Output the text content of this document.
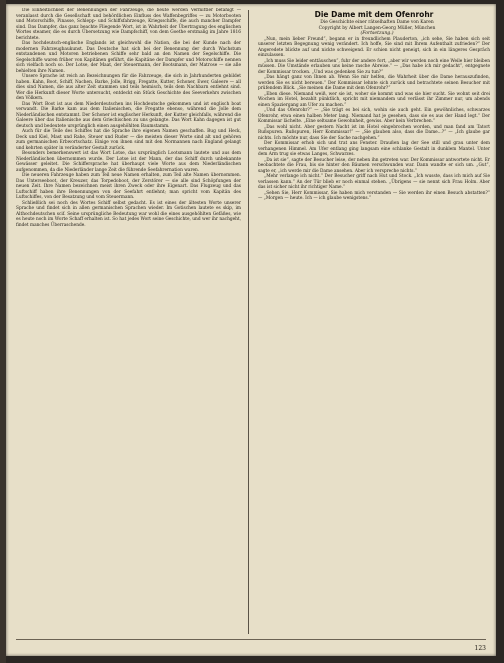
Die Einheitlichkeit der Benennungen der Fahrzeuge, die heute werden Vermittler befähigt — veranlasst durch die Gesellschaft und behördlichen Einfluss des Waffenbegriffes — zu Motorbooten und Motorschiffe, Pinasse, Schlepp- und Schiffsfahrzeuge, Kriegsschiffe, die auch mancher Dampfer sind. Das Dampfer, das ganz beachte Fliegende Wort, ist in Wahrheit der Übertragung des englischen Wortes steamer, die es durch Übersetzung wie Dampfschiff, von dem Goethe erstmalig im Jahre 1816 berichtete.

Das hochdeutsch-englische Englands ist gleichwohl die Nation, die bei der Kunde nach der modernen Fahrzeugbaukunst. Das Deutsche hat sich bei der Benennung der durch Wachstum entstandenen und Motoren betriebenen Schiffe sehr bald an den Namen der Segelschiffe. Die Segelschiffe waren früher von Kapitänen geführt, die Kapitäne der Dampfer und Motorschiffe nennen sich vielfach noch so. Der Lotse, der Maat, der Steuermann, der Bootsmann, der Matrose — sie alle behielten ihre Namen.

Unsere Sprache ist reich an Bezeichnungen für die Fahrzeuge, die sich in Jahrhunderten gebildet haben. Kahn, Boot, Schiff, Nachen, Barke, Jolle, Brigg, Fregatte, Kutter, Schoner, Ewer, Galeere — all dies sind Namen, die aus alter Zeit stammen und teils heimisch, teils dem Nachbarn entlehnt sind. Wer die Herkunft dieser Worte untersucht, entdeckt ein Stück Geschichte des Seeverkehrs zwischen den Völkern.

Das Wort Boot ist aus dem Niederdeutschen ins Hochdeutsche gekommen und ist englisch boat verwandt. Die Barke kam aus dem Italienischen, die Fregatte ebenso, während die Jolle dem Niederländischen entstammt. Der Schoner ist englischer Herkunft, der Kutter gleichfalls, während die Galeere über das Italienische aus dem Griechischen zu uns gelangte. Das Wort Kahn dagegen ist gut deutsch und bedeutete ursprünglich einen ausgehöhlten Baumstamm.

Auch für die Teile des Schiffes hat die Sprache ihre eigenen Namen geschaffen. Bug und Heck, Deck und Kiel, Mast und Rahe, Steuer und Ruder — die meisten dieser Worte sind alt und gehören zum germanischen Erbwortschatz. Einige von ihnen sind mit den Normannen nach England gelangt und kehrten später in veränderter Gestalt zurück.

Besonders bemerkenswert ist das Wort Lotse, das ursprünglich Lootsmann lautete und aus dem Niederländischen übernommen wurde. Der Lotse ist der Mann, der das Schiff durch unbekannte Gewässer geleitet. Die Schiffersprache hat überhaupt viele Worte aus dem Niederländischen aufgenommen, da die Niederländer lange Zeit die führende Seefahrernation waren.

Die neueren Fahrzeuge haben zum Teil neue Namen erhalten, zum Teil alte Namen übernommen. Das Unterseeboot, der Kreuzer, das Torpedoboot, der Zerstörer — sie alle sind Schöpfungen der neuen Zeit. Ihre Namen bezeichnen meist ihren Zweck oder ihre Eigenart. Das Flugzeug und das Luftschiff haben ihre Benennungen von der Seefahrt entlehnt; man spricht vom Kapitän des Luftschiffes, von der Besatzung und vom Steuermann.

Schließlich sei noch des Wortes Schiff selbst gedacht. Es ist eines der ältesten Worte unserer Sprache und findet sich in allen germanischen Sprachen wieder. Im Gotischen lautete es skip, im Althochdeutschen scif. Seine ursprüngliche Bedeutung war wohl die eines ausgehöhlten Gefäßes, wie es heute noch im Worte Schaff erhalten ist. So hat jedes Wort seine Geschichte, und wer ihr nachgeht, findet manches Überraschende.

Die Dame mit dem Ofenrohr

Die Geschichte einer rätselhaften Dame von Karen

Copyright by Albert Langen-Georg Müller, München

(Fortsetzung.)

„Nun, mein lieber Freund“, begann er in freundlichem Plauderton, „ich sehe, Sie haben sich seit unserer letzten Begegnung wenig verändert. Ich hoffe, Sie sind mit Ihrem Aufenthalt zufrieden?“ Der Angeredete blickte auf und nickte schweigend. Er schien nicht geneigt, sich in ein längeres Gespräch einzulassen.

„Ich muss Sie leider enttäuschen“, fuhr der andere fort, „aber wir werden noch eine Weile hier bleiben müssen. Die Umstände erlauben uns keine rasche Abreise.“ — „Das habe ich mir gedacht“, entgegnete der Kommissar trocken. „Und was gedenken Sie zu tun?“

„Das hängt ganz von Ihnen ab. Wenn Sie mir helfen, die Wahrheit über die Dame herauszufinden, werden Sie es nicht bereuen.“ Der Kommissar lehnte sich zurück und betrachtete seinen Besucher mit prüfendem Blick. „Sie meinen die Dame mit dem Ofenrohr?“

„Eben diese. Niemand weiß, wer sie ist, woher sie kommt und was sie hier sucht. Sie wohnt seit drei Wochen im Hotel, bezahlt pünktlich, spricht mit niemandem und verlässt ihr Zimmer nur, um abends einen Spaziergang am Ufer zu machen.“

„Und das Ofenrohr?“ — „Sie trägt es bei sich, wohin sie auch geht. Ein gewöhnliches, schwarzes Ofenrohr, etwa einen halben Meter lang. Niemand hat je gesehen, dass sie es aus der Hand legt.“ Der Kommissar lächelte. „Eine seltsame Gewohnheit, gewiss. Aber kein Verbrechen.“

„Das wohl nicht. Aber gestern Nacht ist im Hotel eingebrochen worden, und man fand am Tatort Rußspuren. Rußspuren, Herr Kommissar!“ — „Sie glauben also, dass die Dame...?“ — „Ich glaube gar nichts. Ich möchte nur, dass Sie der Sache nachgehen.“

Der Kommissar erhob sich und trat ans Fenster. Draußen lag der See still und grau unter dem verhangenen Himmel. Am Ufer entlang ging langsam eine schlanke Gestalt in dunklem Mantel. Unter dem Arm trug sie etwas Langes, Schwarzes.

„Da ist sie“, sagte der Besucher leise, der neben ihn getreten war. Der Kommissar antwortete nicht. Er beobachtete die Frau, bis sie hinter den Bäumen verschwunden war. Dann wandte er sich um. „Gut“, sagte er, „ich werde mir die Dame ansehen. Aber ich verspreche nichts.“

„Mehr verlange ich nicht.“ Der Besucher griff nach Hut und Stock. „Ich wusste, dass ich mich auf Sie verlassen kann.“ An der Tür blieb er noch einmal stehen. „Übrigens — sie nennt sich Frau Holm. Aber das ist sicher nicht ihr richtiger Name.“

„Sehen Sie, Herr Kommissar, Sie haben mich verstanden — Sie werden ihr einen Besuch abstatten?“ — „Morgen — heute. Ich — ich glaube wenigstens.“

123
